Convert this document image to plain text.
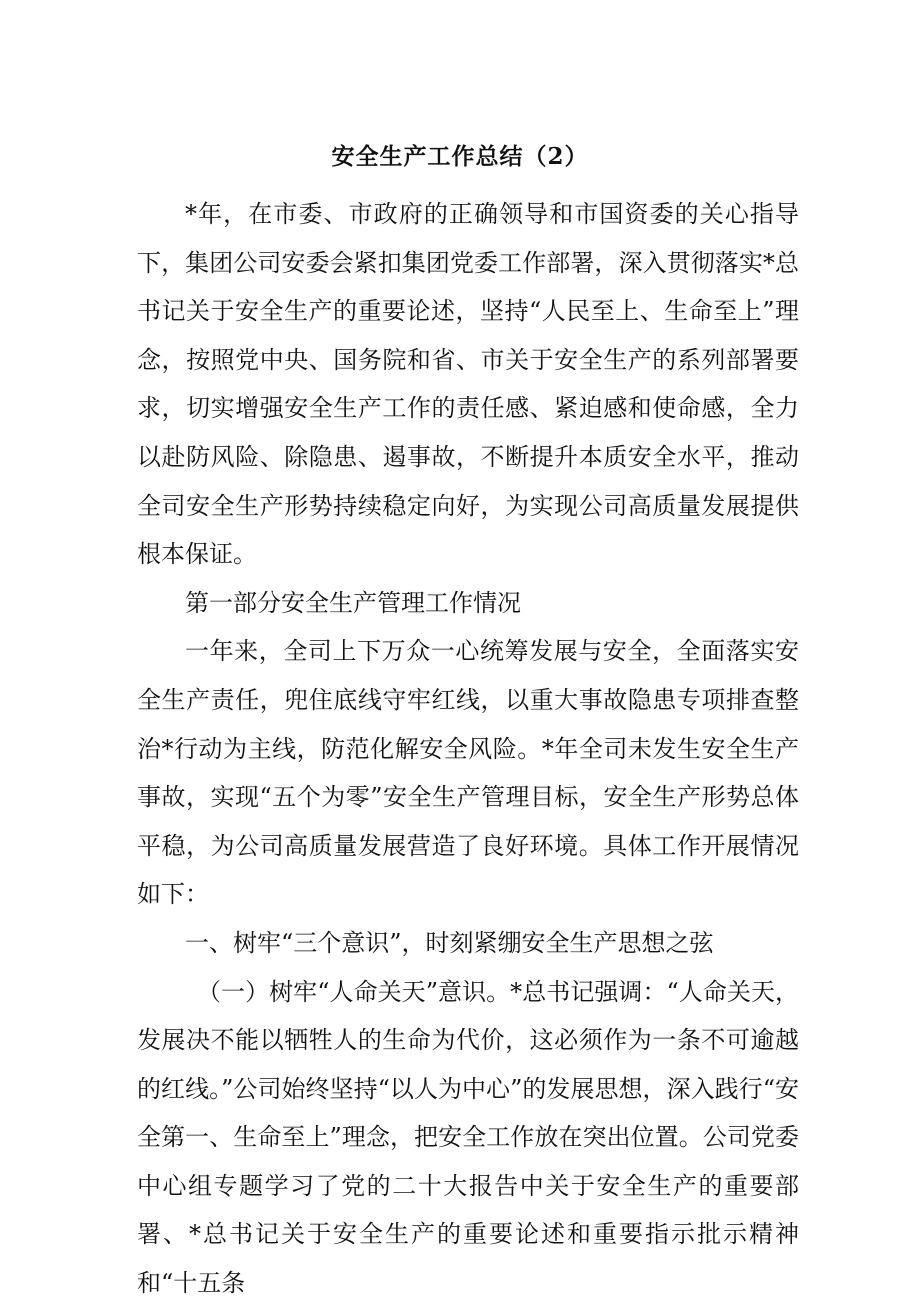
安全生产工作总结（2）

*年，在市委、市政府的正确领导和市国资委的关心指导下，集团公司安委会紧扣集团党委工作部署，深入贯彻落实*总书记关于安全生产的重要论述，坚持“人民至上、生命至上”理念，按照党中央、国务院和省、市关于安全生产的系列部署要求，切实增强安全生产工作的责任感、紧迫感和使命感，全力以赴防风险、除隐患、遏事故，不断提升本质安全水平，推动全司安全生产形势持续稳定向好，为实现公司高质量发展提供根本保证。

第一部分安全生产管理工作情况

一年来，全司上下万众一心统筹发展与安全，全面落实安全生产责任，兜住底线守牢红线，以重大事故隐患专项排查整治*行动为主线，防范化解安全风险。*年全司未发生安全生产事故，实现“五个为零”安全生产管理目标，安全生产形势总体平稳，为公司高质量发展营造了良好环境。具体工作开展情况如下：

一、树牢“三个意识”，时刻紧绷安全生产思想之弦

（一）树牢“人命关天”意识。*总书记强调：“人命关天，发展决不能以牺牲人的生命为代价，这必须作为一条不可逾越的红线。”公司始终坚持“以人为中心”的发展思想，深入践行“安全第一、生命至上”理念，把安全工作放在突出位置。公司党委中心组专题学习了党的二十大报告中关于安全生产的重要部署、*总书记关于安全生产的重要论述和重要指示批示精神和“十五条
